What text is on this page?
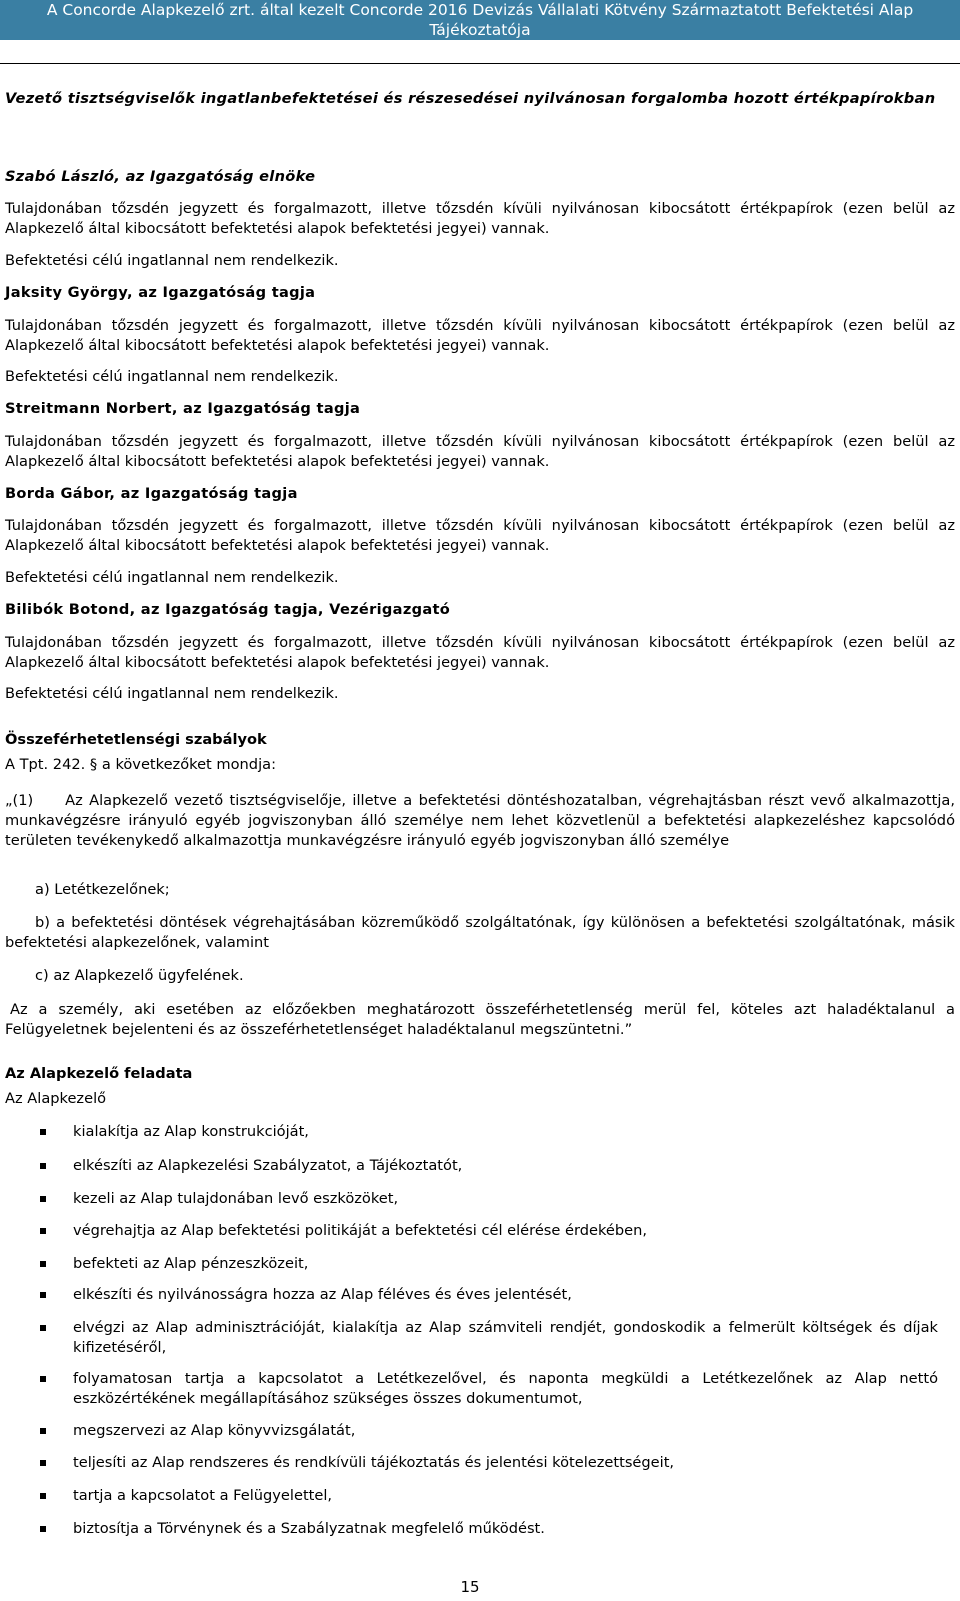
A Concorde Alapkezelő zrt. által kezelt Concorde 2016 Devizás Vállalati Kötvény Származtatott Befektetési Alap Tájékoztatója
Vezető tisztségviselők ingatlanbefektetései és részesedései nyilvánosan forgalomba hozott értékpapírokban
Szabó László, az Igazgatóság elnöke
Tulajdonában tőzsdén jegyzett és forgalmazott, illetve tőzsdén kívüli nyilvánosan kibocsátott értékpapírok (ezen belül az Alapkezelő által kibocsátott befektetési alapok befektetési jegyei) vannak.
Befektetési célú ingatlannal nem rendelkezik.
Jaksity György, az Igazgatóság tagja
Tulajdonában tőzsdén jegyzett és forgalmazott, illetve tőzsdén kívüli nyilvánosan kibocsátott értékpapírok (ezen belül az Alapkezelő által kibocsátott befektetési alapok befektetési jegyei) vannak.
Befektetési célú ingatlannal nem rendelkezik.
Streitmann Norbert, az Igazgatóság tagja
Tulajdonában tőzsdén jegyzett és forgalmazott, illetve tőzsdén kívüli nyilvánosan kibocsátott értékpapírok (ezen belül az Alapkezelő által kibocsátott befektetési alapok befektetési jegyei) vannak.
Borda Gábor, az Igazgatóság tagja
Tulajdonában tőzsdén jegyzett és forgalmazott, illetve tőzsdén kívüli nyilvánosan kibocsátott értékpapírok (ezen belül az Alapkezelő által kibocsátott befektetési alapok befektetési jegyei) vannak.
Befektetési célú ingatlannal nem rendelkezik.
Bilibók Botond, az Igazgatóság tagja, Vezérigazgató
Tulajdonában tőzsdén jegyzett és forgalmazott, illetve tőzsdén kívüli nyilvánosan kibocsátott értékpapírok (ezen belül az Alapkezelő által kibocsátott befektetési alapok befektetési jegyei) vannak.
Befektetési célú ingatlannal nem rendelkezik.
Összeférhetetlenségi szabályok
A Tpt. 242. § a következőket mondja:
„(1)     Az Alapkezelő vezető tisztségviselője, illetve a befektetési döntéshozatalban, végrehajtásban részt vevő alkalmazottja, munkavégzésre irányuló egyéb jogviszonyban álló személye nem lehet közvetlenül a befektetési alapkezeléshez kapcsolódó területen tevékenykedő alkalmazottja munkavégzésre irányuló egyéb jogviszonyban álló személye
a) Letétkezelőnek;
b) a befektetési döntések végrehajtásában közreműködő szolgáltatónak, így különösen a befektetési szolgáltatónak, másik befektetési alapkezelőnek, valamint
c) az Alapkezelő ügyfelének.
Az a személy, aki esetében az előzőekben meghatározott összeférhetetlenség merül fel, köteles azt haladéktalanul a Felügyeletnek bejelenteni és az összeférhetetlenséget haladéktalanul megszüntetni.”
Az Alapkezelő feladata
Az Alapkezelő
kialakítja az Alap konstrukcióját,
elkészíti az Alapkezelési Szabályzatot, a Tájékoztatót,
kezeli az Alap tulajdonában levő eszközöket,
végrehajtja az Alap befektetési politikáját a befektetési cél elérése érdekében,
befekteti az Alap pénzeszközeit,
elkészíti és nyilvánosságra hozza az Alap féléves és éves jelentését,
elvégzi az Alap adminisztrációját, kialakítja az Alap számviteli rendjét, gondoskodik a felmerült költségek és díjak kifizetéséről,
folyamatosan tartja a kapcsolatot a Letétkezelővel, és naponta megküldi a Letétkezelőnek az Alap nettó eszközértékének megállapításához szükséges összes dokumentumot,
megszervezi az Alap könyvvizsgálatát,
teljesíti az Alap rendszeres és rendkívüli tájékoztatás és jelentési kötelezettségeit,
tartja a kapcsolatot a Felügyelettel,
biztosítja a Törvénynek és a Szabályzatnak megfelelő működést.
15
